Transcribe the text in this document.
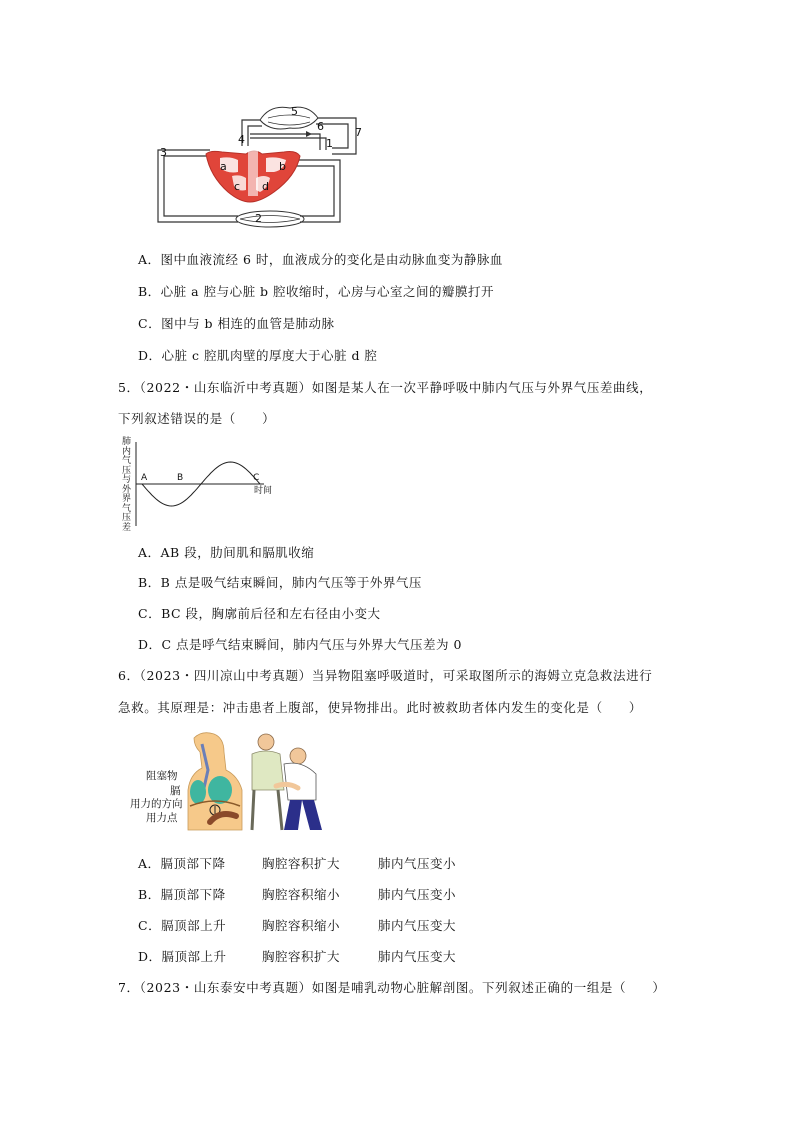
5
6	7
1
4
3
2
a	b
c d
A．图中血液流经 6 时，血液成分的变化是由动脉血变为静脉血
B．心脏 a 腔与心脏 b 腔收缩时，心房与心室之间的瓣膜打开
C．图中与 b 相连的血管是肺动脉
D．心脏 c 腔肌肉壁的厚度大于心脏 d 腔
5．（2022・山东临沂中考真题）如图是某人在一次平静呼吸中肺内气压与外界气压差曲线，
下列叙述错误的是（　　）
肺内气压与外界气压差
A	B	C
时间
A．AB 段，肋间肌和膈肌收缩
B．B 点是吸气结束瞬间，肺内气压等于外界气压
C．BC 段，胸廓前后径和左右径由小变大
D．C 点是呼气结束瞬间，肺内气压与外界大气压差为 0
6．（2023・四川凉山中考真题）当异物阻塞呼吸道时，可采取图所示的海姆立克急救法进行
急救。其原理是：冲击患者上腹部，使异物排出。此时被救助者体内发生的变化是（　　）
阻塞物
膈
用力的方向
用力点
A．膈顶部下降	胸腔容积扩大	肺内气压变小
B．膈顶部下降	胸腔容积缩小	肺内气压变小
C．膈顶部上升	胸腔容积缩小	肺内气压变大
D．膈顶部上升	胸腔容积扩大	肺内气压变大
7．（2023・山东泰安中考真题）如图是哺乳动物心脏解剖图。下列叙述正确的一组是（　　）
